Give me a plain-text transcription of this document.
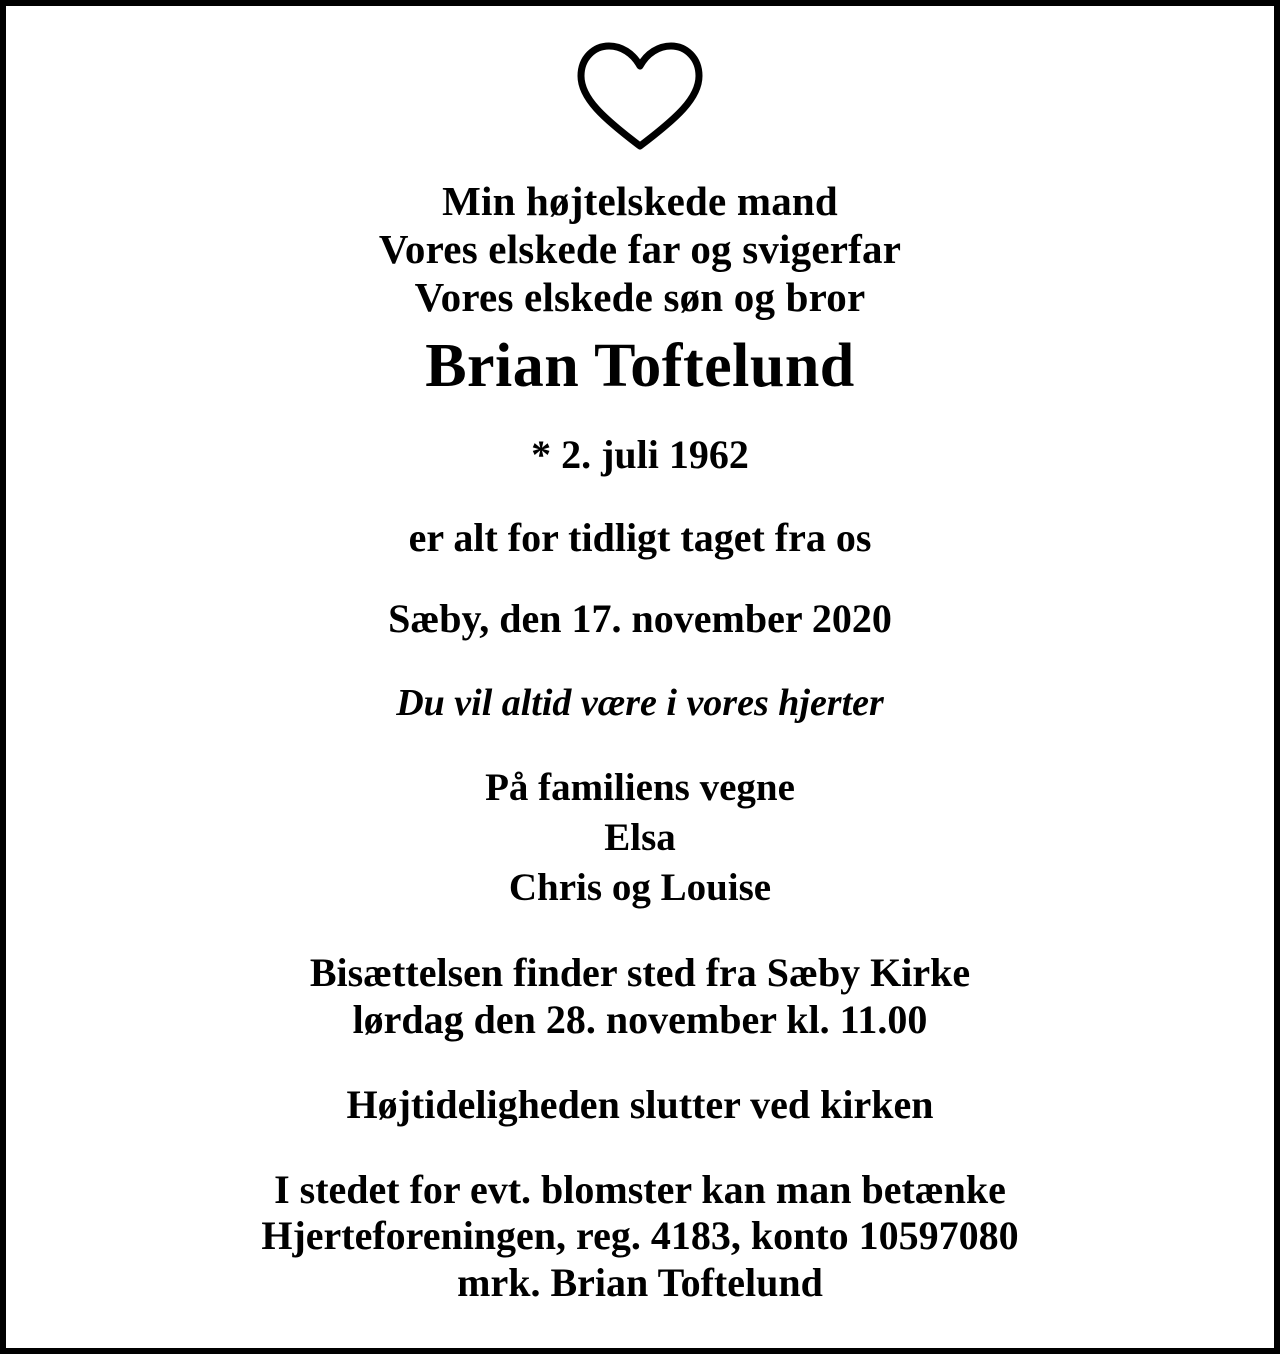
Min højtelskede mand
Vores elskede far og svigerfar
Vores elskede søn og bror
Brian Toftelund
* 2. juli 1962
er alt for tidligt taget fra os
Sæby, den 17. november 2020
Du vil altid være i vores hjerter
På familiens vegne
Elsa
Chris og Louise
Bisættelsen finder sted fra Sæby Kirke
lørdag den 28. november kl. 11.00
Højtideligheden slutter ved kirken
I stedet for evt. blomster kan man betænke
Hjerteforeningen, reg. 4183, konto 10597080
mrk. Brian Toftelund
